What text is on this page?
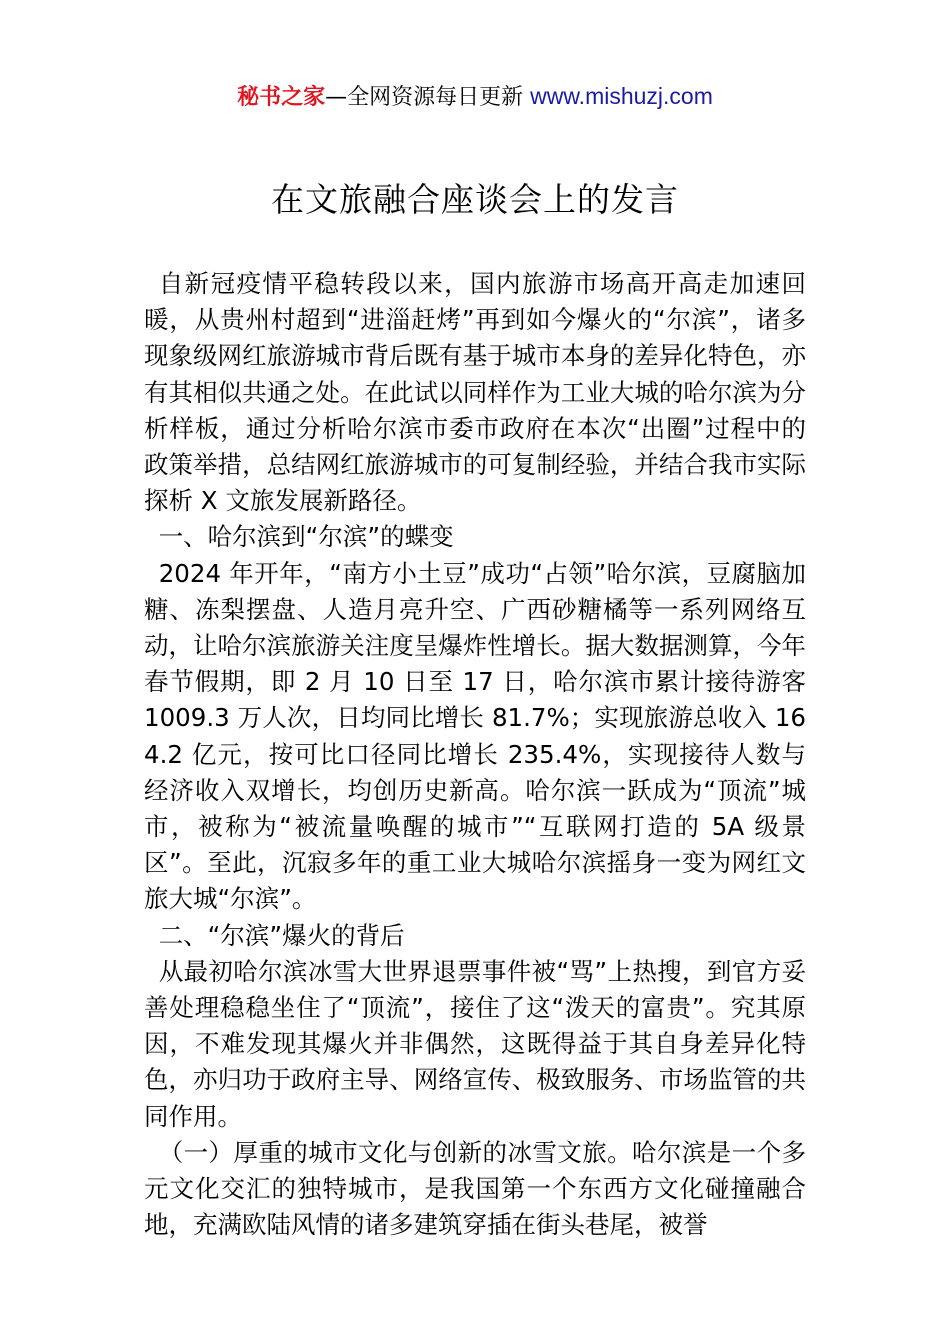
秘书之家—全网资源每日更新 www.mishuzj.com
在文旅融合座谈会上的发言

自新冠疫情平稳转段以来，国内旅游市场高开高走加速回暖，从贵州村超到“进淄赶烤”再到如今爆火的“尔滨”，诸多现象级网红旅游城市背后既有基于城市本身的差异化特色，亦有其相似共通之处。在此试以同样作为工业大城的哈尔滨为分析样板，通过分析哈尔滨市委市政府在本次“出圈”过程中的政策举措，总结网红旅游城市的可复制经验，并结合我市实际探析 X 文旅发展新路径。

一、哈尔滨到“尔滨”的蝶变

2024 年开年，“南方小土豆”成功“占领”哈尔滨，豆腐脑加糖、冻梨摆盘、人造月亮升空、广西砂糖橘等一系列网络互动，让哈尔滨旅游关注度呈爆炸性增长。据大数据测算，今年春节假期，即 2 月 10 日至 17 日，哈尔滨市累计接待游客 1009.3 万人次，日均同比增长 81.7%；实现旅游总收入 164.2 亿元，按可比口径同比增长 235.4%，实现接待人数与经济收入双增长，均创历史新高。哈尔滨一跃成为“顶流”城市，被称为“被流量唤醒的城市”“互联网打造的 5A 级景区”。至此，沉寂多年的重工业大城哈尔滨摇身一变为网红文旅大城“尔滨”。

二、“尔滨”爆火的背后

从最初哈尔滨冰雪大世界退票事件被“骂”上热搜，到官方妥善处理稳稳坐住了“顶流”，接住了这“泼天的富贵”。究其原因，不难发现其爆火并非偶然，这既得益于其自身差异化特色，亦归功于政府主导、网络宣传、极致服务、市场监管的共同作用。

（一）厚重的城市文化与创新的冰雪文旅。哈尔滨是一个多元文化交汇的独特城市，是我国第一个东西方文化碰撞融合地，充满欧陆风情的诸多建筑穿插在街头巷尾，被誉
